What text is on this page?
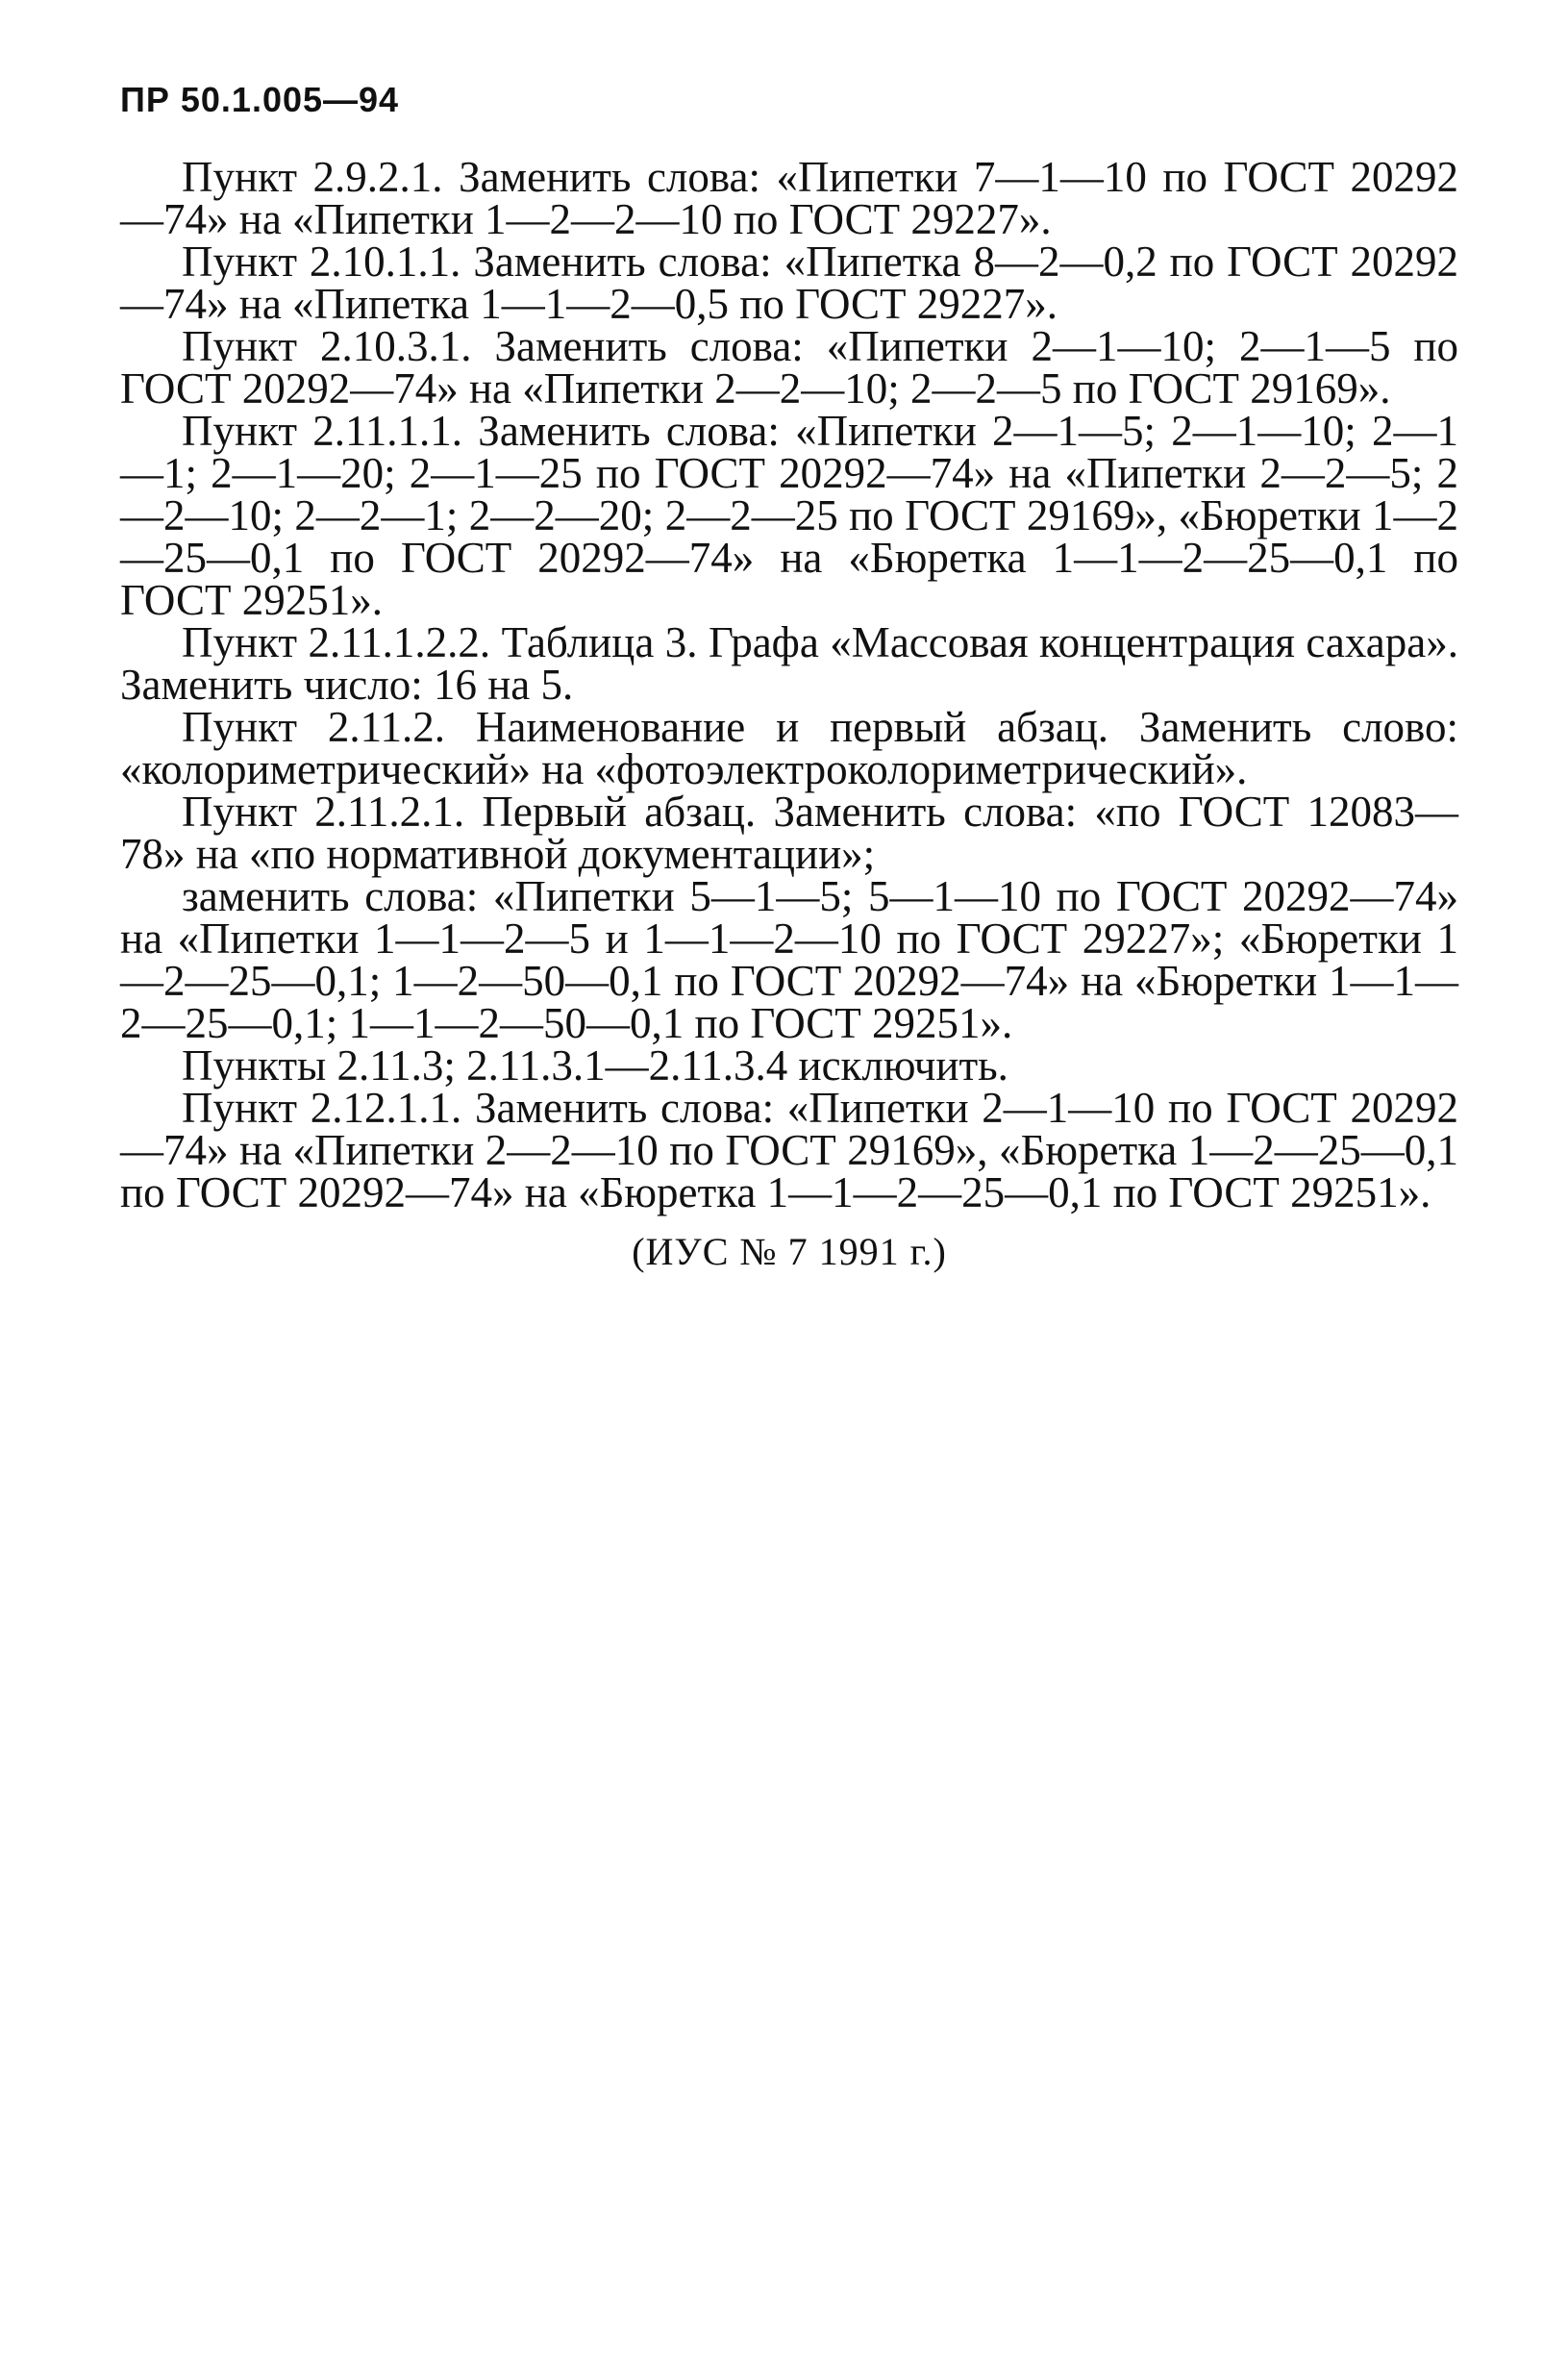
ПР 50.1.005—94

Пункт 2.9.2.1. Заменить слова: «Пипетки 7—1—10 по ГОСТ 20292—74» на «Пипетки 1—2—2—10 по ГОСТ 29227».

Пункт 2.10.1.1. Заменить слова: «Пипетка 8—2—0,2 по ГОСТ 20292—74» на «Пипетка 1—1—2—0,5 по ГОСТ 29227».

Пункт 2.10.3.1. Заменить слова: «Пипетки 2—1—10; 2—1—5 по ГОСТ 20292—74» на «Пипетки 2—2—10; 2—2—5 по ГОСТ 29169».

Пункт 2.11.1.1. Заменить слова: «Пипетки 2—1—5; 2—1—10; 2—1—1; 2—1—20; 2—1—25 по ГОСТ 20292—74» на «Пипетки 2—2—5; 2—2—10; 2—2—1; 2—2—20; 2—2—25 по ГОСТ 29169», «Бюретки 1—2—25—0,1 по ГОСТ 20292—74» на «Бюретка 1—1—2—25—0,1 по ГОСТ 29251».

Пункт 2.11.1.2.2. Таблица 3. Графа «Массовая концентрация сахара». Заменить число: 16 на 5.

Пункт 2.11.2. Наименование и первый абзац. Заменить слово: «колориметрический» на «фотоэлектроколориметрический».

Пункт 2.11.2.1. Первый абзац. Заменить слова: «по ГОСТ 12083—78» на «по нормативной документации»;

заменить слова: «Пипетки 5—1—5; 5—1—10 по ГОСТ 20292—74» на «Пипетки 1—1—2—5 и 1—1—2—10 по ГОСТ 29227»; «Бюретки 1—2—25—0,1; 1—2—50—0,1 по ГОСТ 20292—74» на «Бюретки 1—1—2—25—0,1; 1—1—2—50—0,1 по ГОСТ 29251».

Пункты 2.11.3; 2.11.3.1—2.11.3.4 исключить.

Пункт 2.12.1.1. Заменить слова: «Пипетки 2—1—10 по ГОСТ 20292—74» на «Пипетки 2—2—10 по ГОСТ 29169», «Бюретка 1—2—25—0,1 по ГОСТ 20292—74» на «Бюретка 1—1—2—25—0,1 по ГОСТ 29251».

(ИУС № 7 1991 г.)
